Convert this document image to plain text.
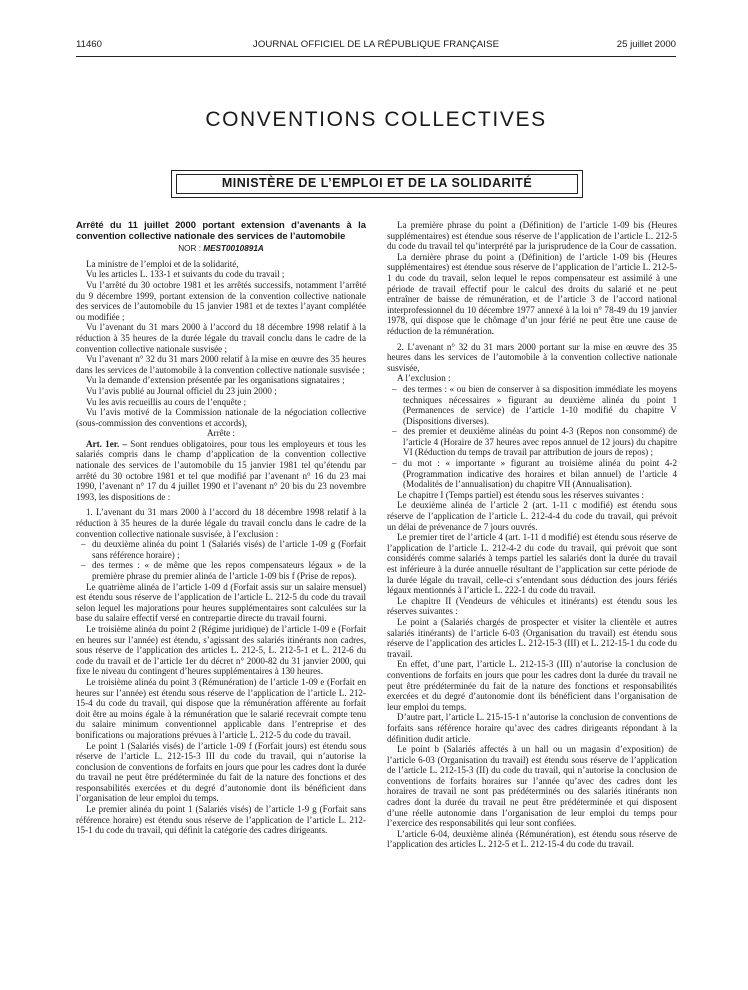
11460	JOURNAL OFFICIEL DE LA RÉPUBLIQUE FRANÇAISE	25 juillet 2000
CONVENTIONS COLLECTIVES
MINISTÈRE DE L’EMPLOI ET DE LA SOLIDARITÉ

Arrêté du 11 juillet 2000 portant extension d’avenants à la convention collective nationale des services de l’automobile

NOR : MEST0010891A

La ministre de l’emploi et de la solidarité,

Vu les articles L. 133-1 et suivants du code du travail ;

Vu l’arrêté du 30 octobre 1981 et les arrêtés successifs, notamment l’arrêté du 9 décembre 1999, portant extension de la convention collective nationale des services de l’automobile du 15 janvier 1981 et de textes l’ayant complétée ou modifiée ;

Vu l’avenant du 31 mars 2000 à l’accord du 18 décembre 1998 relatif à la réduction à 35 heures de la durée légale du travail conclu dans le cadre de la convention collective nationale susvisée ;

Vu l’avenant n° 32 du 31 mars 2000 relatif à la mise en œuvre des 35 heures dans les services de l’automobile à la convention collective nationale susvisée ;

Vu la demande d’extension présentée par les organisations signataires ;

Vu l’avis publié au Journal officiel du 23 juin 2000 ;

Vu les avis recueillis au cours de l’enquête ;

Vu l’avis motivé de la Commission nationale de la négociation collective (sous-commission des conventions et accords),

Arrête :

Art. 1er. – Sont rendues obligatoires, pour tous les employeurs et tous les salariés compris dans le champ d’application de la convention collective nationale des services de l’automobile du 15 janvier 1981 tel qu’étendu par arrêté du 30 octobre 1981 et tel que modifié par l’avenant n° 16 du 23 mai 1990, l’avenant n° 17 du 4 juillet 1990 et l’avenant n° 20 bis du 23 novembre 1993, les dispositions de :

1. L’avenant du 31 mars 2000 à l’accord du 18 décembre 1998 relatif à la réduction à 35 heures de la durée légale du travail conclu dans le cadre de la convention collective nationale susvisée, à l’exclusion :

– du deuxième alinéa du point 1 (Salariés visés) de l’article 1-09 g (Forfait sans référence horaire) ;

– des termes : « de même que les repos compensateurs légaux » de la première phrase du premier alinéa de l’article 1-09 bis f (Prise de repos).

Le quatrième alinéa de l’article 1-09 d (Forfait assis sur un salaire mensuel) est étendu sous réserve de l’application de l’article L. 212-5 du code du travail selon lequel les majorations pour heures supplémentaires sont calculées sur la base du salaire effectif versé en contrepartie directe du travail fourni.

Le troisième alinéa du point 2 (Régime juridique) de l’article 1-09 e (Forfait en heures sur l’année) est étendu, s’agissant des salariés itinérants non cadres, sous réserve de l’application des articles L. 212-5, L. 212-5-1 et L. 212-6 du code du travail et de l’article 1er du décret n° 2000-82 du 31 janvier 2000, qui fixe le niveau du contingent d’heures supplémentaires à 130 heures.

Le troisième alinéa du point 3 (Rémunération) de l’article 1-09 e (Forfait en heures sur l’année) est étendu sous réserve de l’application de l’article L. 212-15-4 du code du travail, qui dispose que la rémunération afférente au forfait doit être au moins égale à la rémunération que le salarié recevrait compte tenu du salaire minimum conventionnel applicable dans l’entreprise et des bonifications ou majorations prévues à l’article L. 212-5 du code du travail.

Le point 1 (Salariés visés) de l’article 1-09 f (Forfait jours) est étendu sous réserve de l’article L. 212-15-3 III du code du travail, qui n’autorise la conclusion de conventions de forfaits en jours que pour les cadres dont la durée du travail ne peut être prédéterminée du fait de la nature des fonctions et des responsabilités exercées et du degré d’autonomie dont ils bénéficient dans l’organisation de leur emploi du temps.

Le premier alinéa du point 1 (Salariés visés) de l’article 1-9 g (Forfait sans référence horaire) est étendu sous réserve de l’application de l’article L. 212-15-1 du code du travail, qui définit la catégorie des cadres dirigeants.

La première phrase du point a (Définition) de l’article 1-09 bis (Heures supplémentaires) est étendue sous réserve de l’application de l’article L. 212-5 du code du travail tel qu’interprété par la jurisprudence de la Cour de cassation.

La dernière phrase du point a (Définition) de l’article 1-09 bis (Heures supplémentaires) est étendue sous réserve de l’application de l’article L. 212-5-1 du code du travail, selon lequel le repos compensateur est assimilé à une période de travail effectif pour le calcul des droits du salarié et ne peut entraîner de baisse de rémunération, et de l’article 3 de l’accord national interprofessionnel du 10 décembre 1977 annexé à la loi n° 78-49 du 19 janvier 1978, qui dispose que le chômage d’un jour férié ne peut être une cause de réduction de la rémunération.

2. L’avenant n° 32 du 31 mars 2000 portant sur la mise en œuvre des 35 heures dans les services de l’automobile à la convention collective nationale susvisée,

A l’exclusion :

– des termes : « ou bien de conserver à sa disposition immédiate les moyens techniques nécessaires » figurant au deuxième alinéa du point 1 (Permanences de service) de l’article 1-10 modifié du chapitre V (Dispositions diverses).

– des premier et deuxième alinéas du point 4-3 (Repos non consommé) de l’article 4 (Horaire de 37 heures avec repos annuel de 12 jours) du chapitre VI (Réduction du temps de travail par attribution de jours de repos) ;

– du mot : « importante » figurant au troisième alinéa du point 4-2 (Programmation indicative des horaires et bilan annuel) de l’article 4 (Modalités de l’annualisation) du chapitre VII (Annualisation).

Le chapitre I (Temps partiel) est étendu sous les réserves suivantes :

Le deuxième alinéa de l’article 2 (art. 1-11 c modifié) est étendu sous réserve de l’application de l’article L. 212-4-4 du code du travail, qui prévoit un délai de prévenance de 7 jours ouvrés.

Le premier tiret de l’article 4 (art. 1-11 d modifié) est étendu sous réserve de l’application de l’article L. 212-4-2 du code du travail, qui prévoit que sont considérés comme salariés à temps partiel les salariés dont la durée du travail est inférieure à la durée annuelle résultant de l’application sur cette période de la durée légale du travail, celle-ci s’entendant sous déduction des jours fériés légaux mentionnés à l’article L. 222-1 du code du travail.

Le chapitre II (Vendeurs de véhicules et itinérants) est étendu sous les réserves suivantes :

Le point a (Salariés chargés de prospecter et visiter la clientèle et autres salariés itinérants) de l’article 6-03 (Organisation du travail) est étendu sous réserve de l’application des articles L. 212-15-3 (III) et L. 212-15-1 du code du travail.

En effet, d’une part, l’article L. 212-15-3 (III) n’autorise la conclusion de conventions de forfaits en jours que pour les cadres dont la durée du travail ne peut être prédéterminée du fait de la nature des fonctions et responsabilités exercées et du degré d’autonomie dont ils bénéficient dans l’organisation de leur emploi du temps.

D’autre part, l’article L. 215-15-1 n’autorise la conclusion de conventions de forfaits sans référence horaire qu’avec des cadres dirigeants répondant à la définition dudit article.

Le point b (Salariés affectés à un hall ou un magasin d’exposition) de l’article 6-03 (Organisation du travail) est étendu sous réserve de l’application de l’article L. 212-15-3 (II) du code du travail, qui n’autorise la conclusion de conventions de forfaits horaires sur l’année qu’avec des cadres dont les horaires de travail ne sont pas prédéterminés ou des salariés itinérants non cadres dont la durée du travail ne peut être prédéterminée et qui disposent d’une réelle autonomie dans l’organisation de leur emploi du temps pour l’exercice des responsabilités qui leur sont confiées.

L’article 6-04, deuxième alinéa (Rémunération), est étendu sous réserve de l’application des articles L. 212-5 et L. 212-15-4 du code du travail.
